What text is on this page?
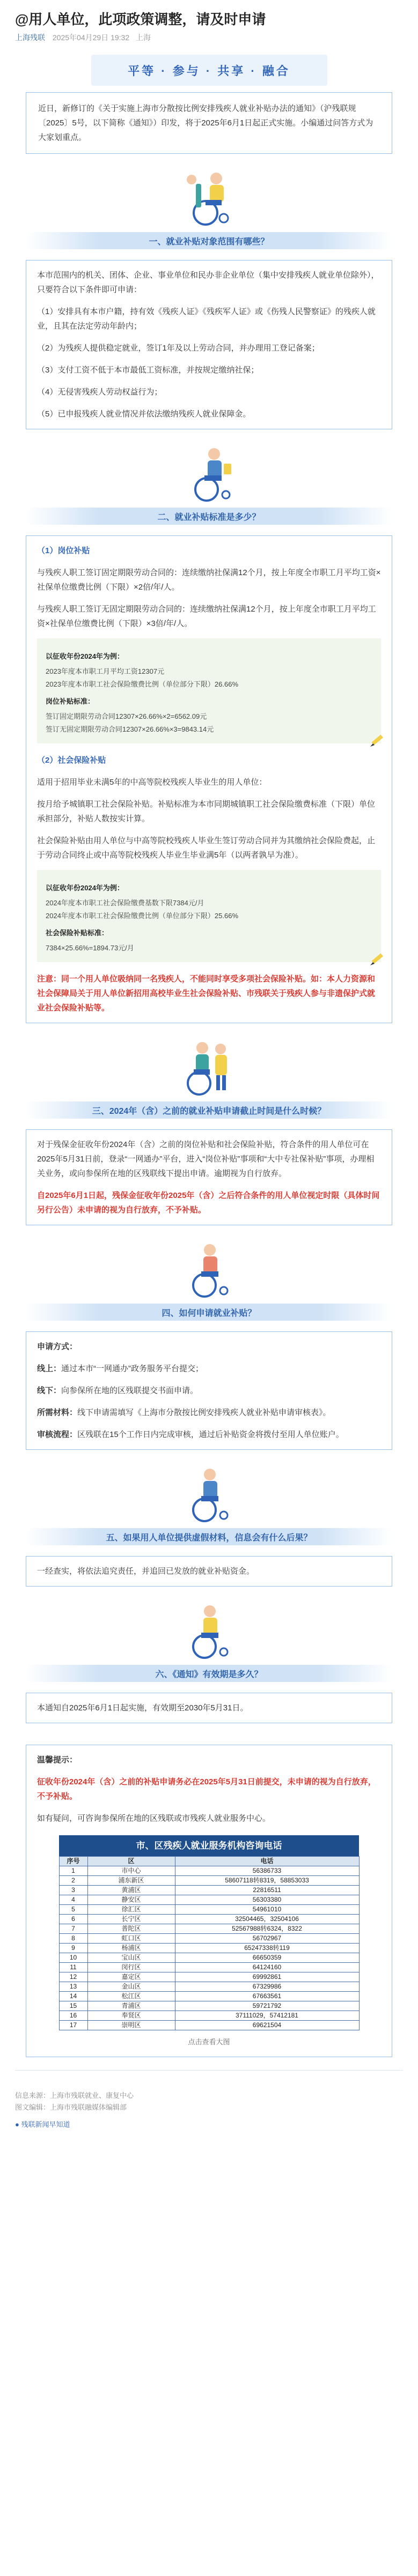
@用人单位，此项政策调整，请及时申请
上海残联 2025年04月29日 19:32 上海
平等 · 参与 · 共享 · 融合
近日，新修订的《关于实施上海市分散按比例安排残疾人就业补贴办法的通知》（沪残联规〔2025〕5号，以下简称《通知》）印发，将于2025年6月1日起正式实施。小编通过问答方式为大家划重点。
一、就业补贴对象范围有哪些？

本市范围内的机关、团体、企业、事业单位和民办非企业单位（集中安排残疾人就业单位除外），只要符合以下条件即可申请：

（1）安排具有本市户籍，持有效《残疾人证》《残疾军人证》或《伤残人民警察证》的残疾人就业，且其在法定劳动年龄内；

（2）为残疾人提供稳定就业，签订1年及以上劳动合同，并办理用工登记备案；

（3）支付工资不低于本市最低工资标准，并按规定缴纳社保；

（4）无侵害残疾人劳动权益行为；

（5）已申报残疾人就业情况并依法缴纳残疾人就业保障金。

二、就业补贴标准是多少？

（1）岗位补贴

与残疾人职工签订固定期限劳动合同的：连续缴纳社保满12个月，按上年度全市职工月平均工资×社保单位缴费比例（下限）×2倍/年/人。

与残疾人职工签订无固定期限劳动合同的：连续缴纳社保满12个月，按上年度全市职工月平均工资×社保单位缴费比例（下限）×3倍/年/人。

以征收年份2024年为例：
2023年度本市职工月平均工资12307元
2023年度本市职工社会保险缴费比例（单位部分下限）26.66%
岗位补贴标准：
签订固定期限劳动合同12307×26.66%×2=6562.09元
签订无固定期限劳动合同12307×26.66%×3=9843.14元

（2）社会保险补贴

适用于招用毕业未满5年的中高等院校残疾人毕业生的用人单位：

按月给予城镇职工社会保险补贴。补贴标准为本市同期城镇职工社会保险缴费标准（下限）单位承担部分，补贴人数按实计算。

社会保险补贴由用人单位与中高等院校残疾人毕业生签订劳动合同并为其缴纳社会保险费起，止于劳动合同终止或中高等院校残疾人毕业生毕业满5年（以两者孰早为准）。

以征收年份2024年为例：
2024年度本市职工社会保险缴费基数下限7384元/月
2024年度本市职工社会保险缴费比例（单位部分下限）25.66%
社会保险补贴标准：
7384×25.66%=1894.73元/月

注意：同一个用人单位吸纳同一名残疾人，不能同时享受多项社会保险补贴。如：本人力资源和社会保障局关于用人单位新招用高校毕业生社会保险补贴、市残联关于残疾人参与非遗保护式就业社会保险补贴等。

三、2024年（含）之前的就业补贴申请截止时间是什么时候？

对于残保金征收年份2024年（含）之前的岗位补贴和社会保险补贴，符合条件的用人单位可在2025年5月31日前，登录“一网通办”平台，进入“岗位补贴”事项和“大中专社保补贴”事项，办理相关业务，或向参保所在地的区残联线下提出申请。逾期视为自行放弃。

自2025年6月1日起，残保金征收年份2025年（含）之后符合条件的用人单位视定时限（具体时间另行公告）未申请的视为自行放弃，不予补贴。

四、如何申请就业补贴？

申请方式：

线上：通过本市“一网通办”政务服务平台提交；

线下：向参保所在地的区残联提交书面申请。

所需材料：线下申请需填写《上海市分散按比例安排残疾人就业补贴申请审核表》。

审核流程：区残联在15个工作日内完成审核，通过后补贴资金将拨付至用人单位账户。

五、如果用人单位提供虚假材料，信息会有什么后果？

一经查实，将依法追究责任，并追回已发放的就业补贴资金。

六、《通知》有效期是多久？

本通知自2025年6月1日起实施，有效期至2030年5月31日。

温馨提示：

征收年份2024年（含）之前的补贴申请务必在2025年5月31日前提交，未申请的视为自行放弃，不予补贴。

如有疑问，可咨询参保所在地的区残联或市残疾人就业服务中心。

市、区残疾人就业服务机构咨询电话		
序号	区	电话
1	市中心	56386733
2	浦东新区	58607118转8319，58853033
3	黄浦区	22816511
4	静安区	56303380
5	徐汇区	54961010
6	长宁区	32504465，32504106
7	普陀区	52567988转6324，8322
8	虹口区	56702967
9	杨浦区	65247338转119
10	宝山区	66650359
11	闵行区	64124160
12	嘉定区	69992861
13	金山区	67329986
14	松江区	67663561
15	青浦区	59721792
16	奉贤区	37111029，57412181
17	崇明区	69621504
点击查看大图
信息来源：上海市残联就业、康复中心
图文编辑：上海市残联融媒体编辑部
● 残联新闻早知道
